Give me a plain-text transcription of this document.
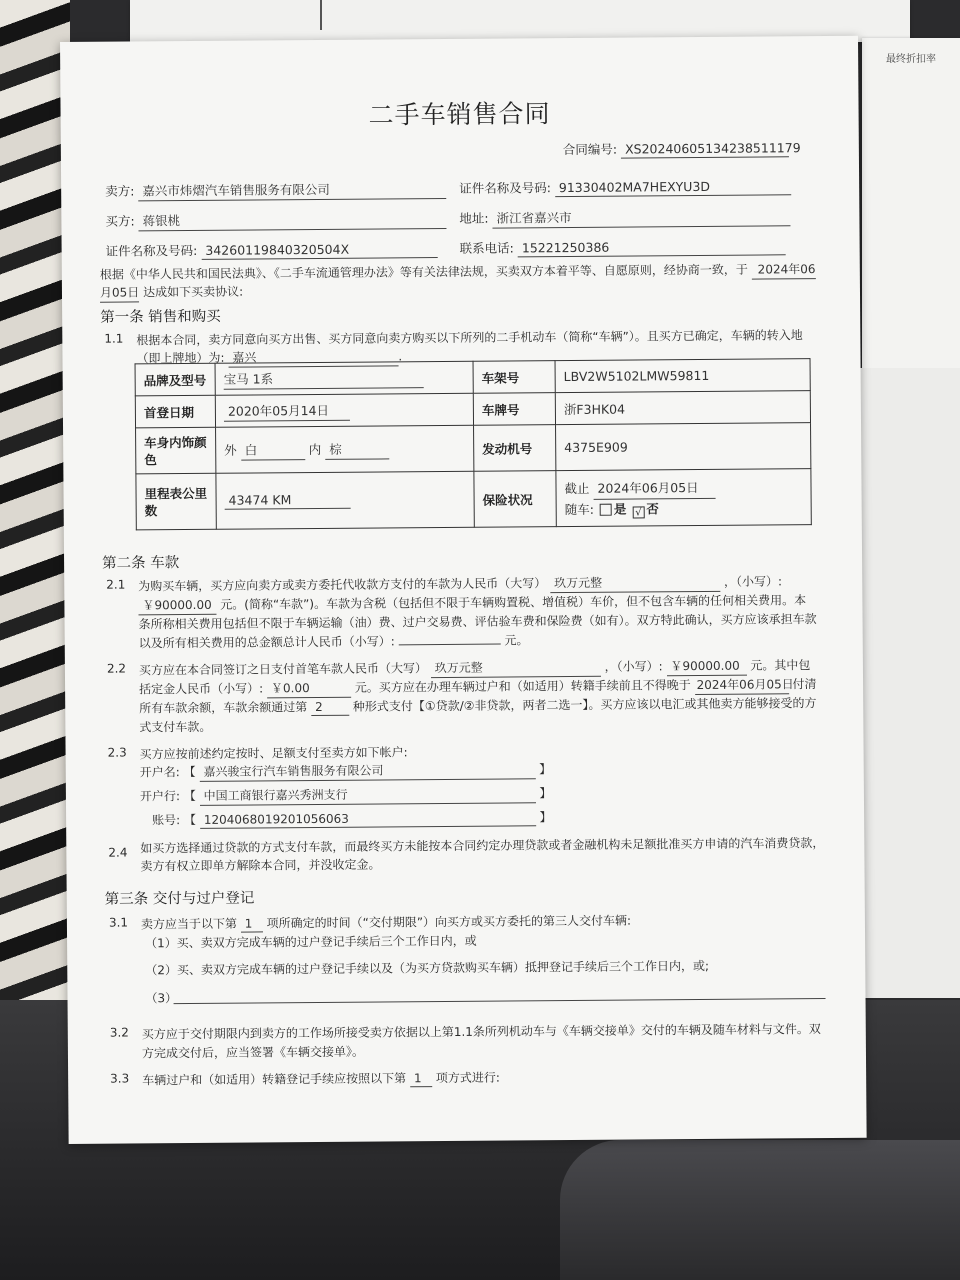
最终折扣率
二手车销售合同
合同编号: XS20240605134238511179
卖方: 嘉兴市炜熠汽车销售服务有限公司	证件名称及号码: 91330402MA7HEXYU3D
买方: 蒋银桃	地址: 浙江省嘉兴市
证件名称及号码: 342601198403205​04X	联系电话: 15221250386
根据《中华人民共和国民法典》、《二手车流通管理办法》等有关法律法规，买卖双方本着平等、自愿原则，经协商一致，于 2024年06
月05日 达成如下买卖协议:
第一条 销售和购买
1.1 根据本合同，卖方同意向买方出售、买方同意向卖方购买以下所列的二手机动车（简称“车辆”）。且买方已确定，车辆的转入地
（即上牌地）为: 嘉兴	.
品牌及型号	宝马 1系	车架号	LBV2W5102LMW59811
首登日期	2020年05月14日	车牌号	浙F3HK04
车身内饰颜色	外 白 内 棕	发动机号	4375E909
里程表公里数	43474 KM	保险状况	截止 2024年06月05日
随车: 是 √ 否
第二条 车款
2.1 为购买车辆，买方应向卖方或卖方委托代收款方支付的车款为人民币（大写） 玖万元整	，（小写）:
￥90000.00 元。(简称“车款”)。车款为含税（包括但不限于车辆购置税、增值税）车价，但不包含车辆的任何相关费用。本
条所称相关费用包括但不限于车辆运输（油）费、过户交易费、评估验车费和保险费（如有）。双方特此确认，买方应该承担车款
以及所有相关费用的总金额总计人民币（小写）:	元。
2.2 买方应在本合同签订之日支付首笔车款人民币（大写） 玖万元整	，（小写）: ￥90000.00 元。其中包
括定金人民币（小写）: ￥0.00	元。买方应在办理车辆过户和（如适用）转籍手续前且不得晚于 2024年06月05日 付清
所有车款余额，车款余额通过第 2	种形式支付【①贷款/②非贷款，两者二选一】。买方应该以电汇或其他卖方能够接受的方
式支付车款。
2.3 买方应按前述约定按时、足额支付至卖方如下帐户:
开户名: 【 嘉兴骏宝行汽车销售服务有限公司	】
开户行: 【 中国工商银行嘉兴秀洲支行	】
账号: 【 1204068019201056063	】
2.4 如买方选择通过贷款的方式支付车款，而最终买方未能按本合同约定办理贷款或者金融机构未足额批准买方申请的汽车消费贷款，
卖方有权立即单方解除本合同，并没收定金。
第三条 交付与过户登记
3.1 卖方应当于以下第 1 项所确定的时间（“交付期限”）向买方或买方委托的第三人交付车辆:
（1）买、卖双方完成车辆的过户登记手续后三个工作日内，或
（2）买、卖双方完成车辆的过户登记手续以及（为买方贷款购买车辆）抵押登记手续后三个工作日内，或;
（3）
3.2 买方应于交付期限内到卖方的工作场所接受卖方依据以上第1.1条所列机动车与《车辆交接单》交付的车辆及随车材料与文件。双
方完成交付后，应当签署《车辆交接单》。
3.3 车辆过户和（如适用）转籍登记手续应按照以下第 1 项方式进行:
